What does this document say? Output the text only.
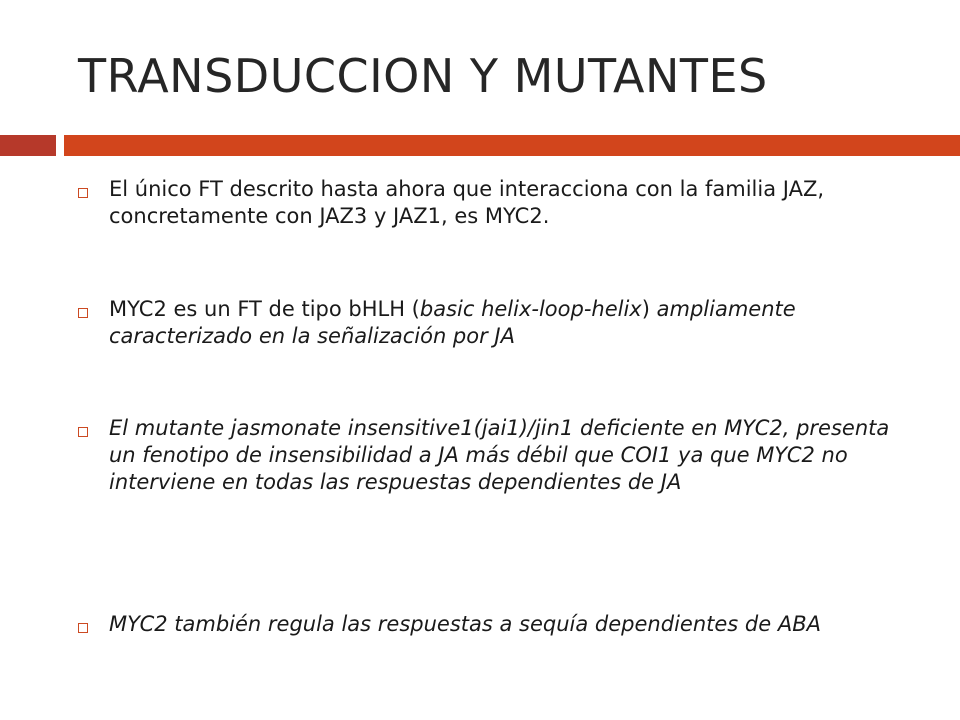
TRANSDUCCION Y MUTANTES
El único FT descrito hasta ahora que interacciona con la familia JAZ, concretamente con JAZ3 y JAZ1, es MYC2.
MYC2 es un FT de tipo bHLH (basic helix-loop-helix) ampliamente caracterizado en la señalización por JA
El mutante jasmonate insensitive1(jai1)/jin1 deficiente en MYC2, presenta un fenotipo de insensibilidad a JA más débil que COI1 ya que MYC2 no interviene en todas las respuestas dependientes de JA
MYC2 también regula las respuestas a sequía dependientes de ABA
